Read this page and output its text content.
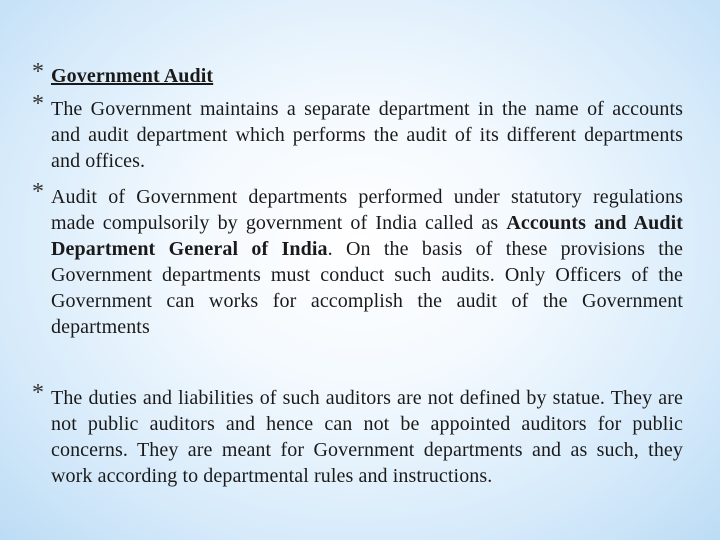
* Government Audit
* The Government maintains a separate department in the name of accounts and audit department which performs the audit of its different departments and offices.
* Audit of Government departments performed under statutory regulations made compulsorily by government of India called as Accounts and Audit Department General of India. On the basis of these provisions the Government departments must conduct such audits. Only Officers of the Government can works for accomplish the audit of the Government departments
* The duties and liabilities of such auditors are not defined by statue. They are not public auditors and hence can not be appointed auditors for public concerns. They are meant for Government departments and as such, they work according to departmental rules and instructions.
